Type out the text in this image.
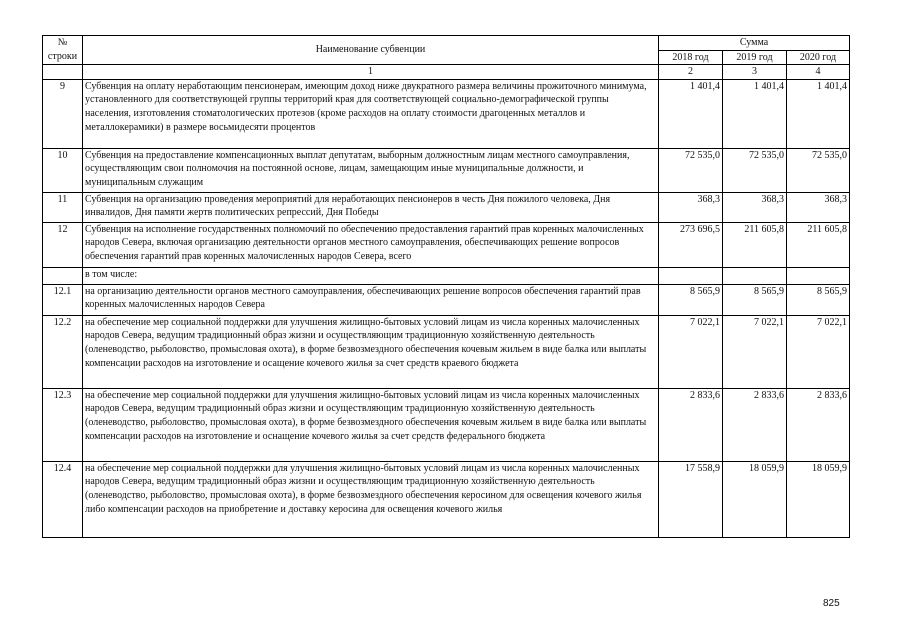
№
строки	Наименование субвенции	Сумма		
		2018 год	2019 год	2020 год
	1	2	3	4
9	Субвенция на оплату неработающим пенсионерам, имеющим доход ниже двукратного размера величины прожиточного минимума, установленного для соответствующей группы территорий края для соответствующей социально-демографической группы населения, изготовления стоматологических протезов (кроме расходов на оплату стоимости драгоценных металлов и металлокерамики) в размере восьмидесяти процентов	1 401,4	1 401,4	1 401,4
10	Субвенция на предоставление компенсационных выплат депутатам, выборным должностным лицам местного самоуправления, осуществляющим свои полномочия на постоянной основе, лицам, замещающим иные муниципальные должности, и муниципальным служащим	72 535,0	72 535,0	72 535,0
11	Субвенция на организацию проведения мероприятий для неработающих пенсионеров в честь Дня пожилого человека, Дня инвалидов, Дня памяти жертв политических репрессий, Дня Победы	368,3	368,3	368,3
12	Субвенция на исполнение государственных полномочий по обеспечению предоставления гарантий прав коренных малочисленных народов Севера, включая организацию деятельности органов местного самоуправления, обеспечивающих решение вопросов обеспечения гарантий прав коренных малочисленных народов Севера, всего	273 696,5	211 605,8	211 605,8
	в том числе:			
12.1	на организацию деятельности органов местного самоуправления, обеспечивающих решение вопросов обеспечения гарантий прав коренных малочисленных народов Севера	8 565,9	8 565,9	8 565,9
12.2	на обеспечение мер социальной поддержки для улучшения жилищно-бытовых условий лицам из числа коренных малочисленных народов Севера, ведущим традиционный образ жизни и осуществляющим традиционную хозяйственную деятельность (оленеводство, рыболовство, промысловая охота), в форме безвозмездного обеспечения кочевым жильем в виде балка или выплаты компенсации расходов на изготовление и осащение кочевого жилья за счет средств краевого бюджета	7 022,1	7 022,1	7 022,1
12.3	на обеспечение мер социальной поддержки для улучшения жилищно-бытовых условий лицам из числа коренных малочисленных народов Севера, ведущим традиционный образ жизни и осуществляющим традиционную хозяйственную деятельность (оленеводство, рыболовство, промысловая охота), в форме безвозмездного обеспечения кочевым жильем в виде балка или выплаты компенсации расходов на изготовление и оснащение кочевого жилья за счет средств федерального бюджета	2 833,6	2 833,6	2 833,6
12.4	на обеспечение мер социальной поддержки для улучшения жилищно-бытовых условий лицам из числа коренных малочисленных народов Севера, ведущим традиционный образ жизни и осуществляющим традиционную хозяйственную деятельность (оленеводство, рыболовство, промысловая охота), в форме безвозмездного обеспечения керосином для освещения кочевого жилья либо компенсации расходов на приобретение и доставку керосина для освещения кочевого жилья	17 558,9	18 059,9	18 059,9
825
